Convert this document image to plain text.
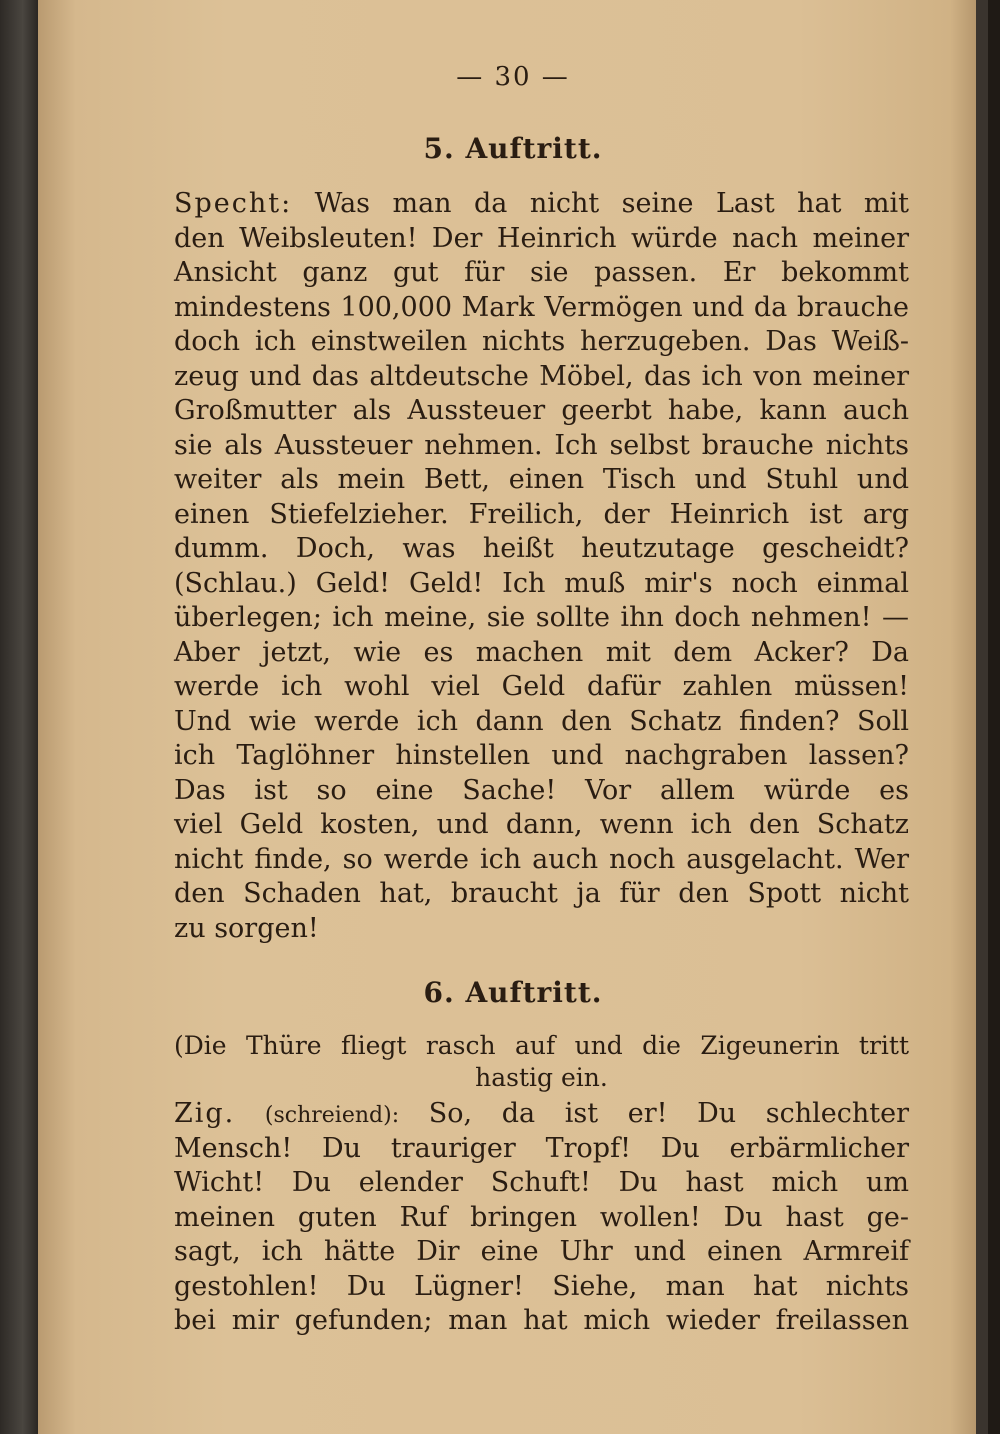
— 30 —
5. Auftritt.
Specht: Was man da nicht seine Last hat mit
den Weibsleuten! Der Heinrich würde nach meiner
Ansicht ganz gut für sie passen. Er bekommt
mindestens 100,000 Mark Vermögen und da brauche
doch ich einstweilen nichts herzugeben. Das Weiß-
zeug und das altdeutsche Möbel, das ich von meiner
Großmutter als Aussteuer geerbt habe, kann auch
sie als Aussteuer nehmen. Ich selbst brauche nichts
weiter als mein Bett, einen Tisch und Stuhl und
einen Stiefelzieher. Freilich, der Heinrich ist arg
dumm. Doch, was heißt heutzutage gescheidt?
(Schlau.) Geld! Geld! Ich muß mir's noch einmal
überlegen; ich meine, sie sollte ihn doch nehmen! —
Aber jetzt, wie es machen mit dem Acker? Da
werde ich wohl viel Geld dafür zahlen müssen!
Und wie werde ich dann den Schatz finden? Soll
ich Taglöhner hinstellen und nachgraben lassen?
Das ist so eine Sache! Vor allem würde es
viel Geld kosten, und dann, wenn ich den Schatz
nicht finde, so werde ich auch noch ausgelacht. Wer
den Schaden hat, braucht ja für den Spott nicht
zu sorgen!
6. Auftritt.
(Die Thüre fliegt rasch auf und die Zigeunerin tritt
hastig ein.
Zig. (schreiend): So, da ist er! Du schlechter
Mensch! Du trauriger Tropf! Du erbärmlicher
Wicht! Du elender Schuft! Du hast mich um
meinen guten Ruf bringen wollen! Du hast ge-
sagt, ich hätte Dir eine Uhr und einen Armreif
gestohlen! Du Lügner! Siehe, man hat nichts
bei mir gefunden; man hat mich wieder freilassen
